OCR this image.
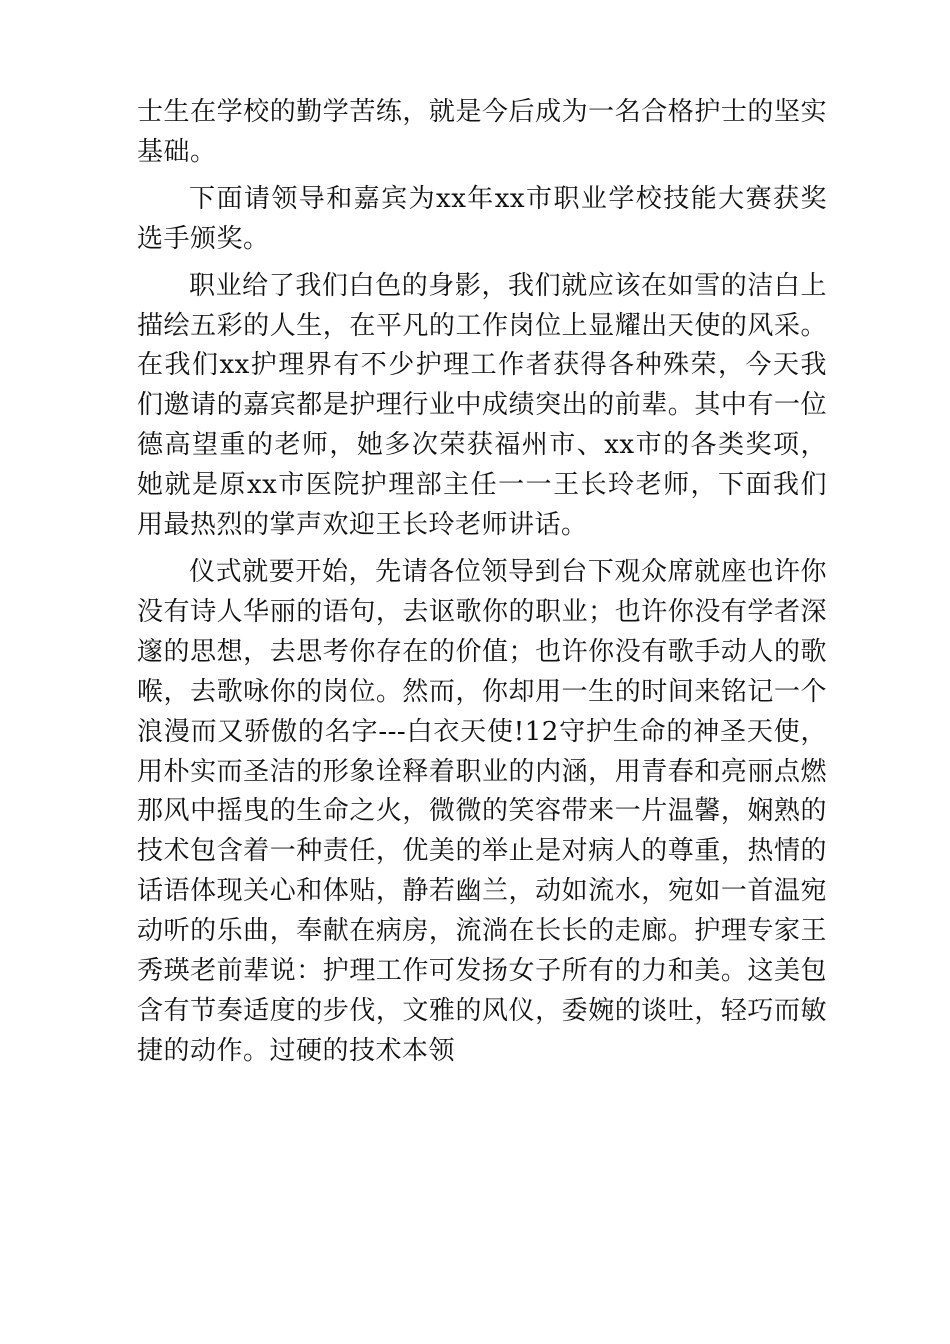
士生在学校的勤学苦练，就是今后成为一名合格护士的坚实基础。

下面请领导和嘉宾为xx年xx市职业学校技能大赛获奖选手颁奖。

职业给了我们白色的身影，我们就应该在如雪的洁白上描绘五彩的人生，在平凡的工作岗位上显耀出天使的风采。在我们xx护理界有不少护理工作者获得各种殊荣，今天我们邀请的嘉宾都是护理行业中成绩突出的前辈。其中有一位德高望重的老师，她多次荣获福州市、xx市的各类奖项，她就是原xx市医院护理部主任一一王长玲老师，下面我们用最热烈的掌声欢迎王长玲老师讲话。

仪式就要开始，先请各位领导到台下观众席就座也许你没有诗人华丽的语句，去讴歌你的职业；也许你没有学者深邃的思想，去思考你存在的价值；也许你没有歌手动人的歌喉，去歌咏你的岗位。然而，你却用一生的时间来铭记一个浪漫而又骄傲的名字---白衣天使!12守护生命的神圣天使，用朴实而圣洁的形象诠释着职业的内涵，用青春和亮丽点燃那风中摇曳的生命之火，微微的笑容带来一片温馨，娴熟的技术包含着一种责任，优美的举止是对病人的尊重，热情的话语体现关心和体贴，静若幽兰，动如流水，宛如一首温宛动听的乐曲，奉献在病房，流淌在长长的走廊。护理专家王秀瑛老前辈说：护理工作可发扬女子所有的力和美。这美包含有节奏适度的步伐，文雅的风仪，委婉的谈吐，轻巧而敏捷的动作。过硬的技术本领
